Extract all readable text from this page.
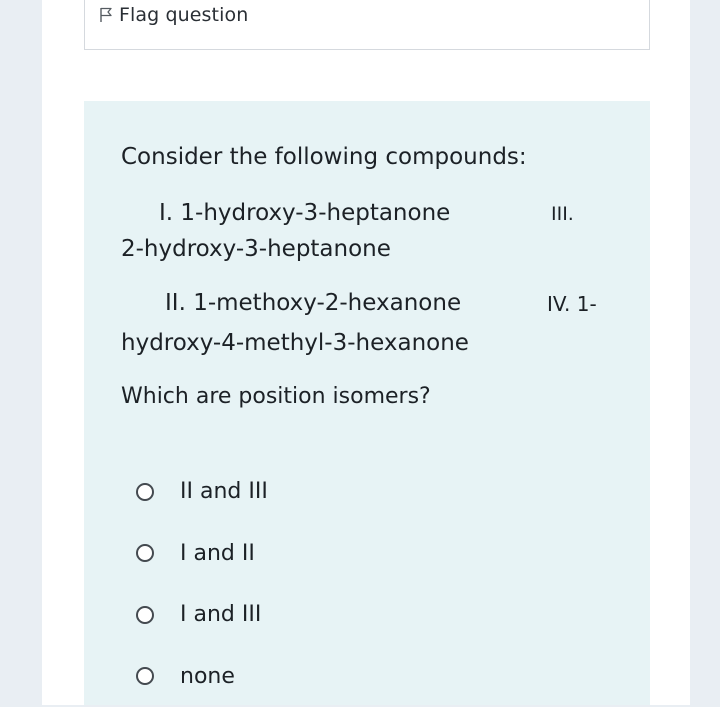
Flag question
Consider the following compounds:
I. 1-hydroxy-3-heptanone	III.
2-hydroxy-3-heptanone
II. 1-methoxy-2-hexanone	IV. 1-
hydroxy-4-methyl-3-hexanone
Which are position isomers?
II and III
I and II
I and III
none
